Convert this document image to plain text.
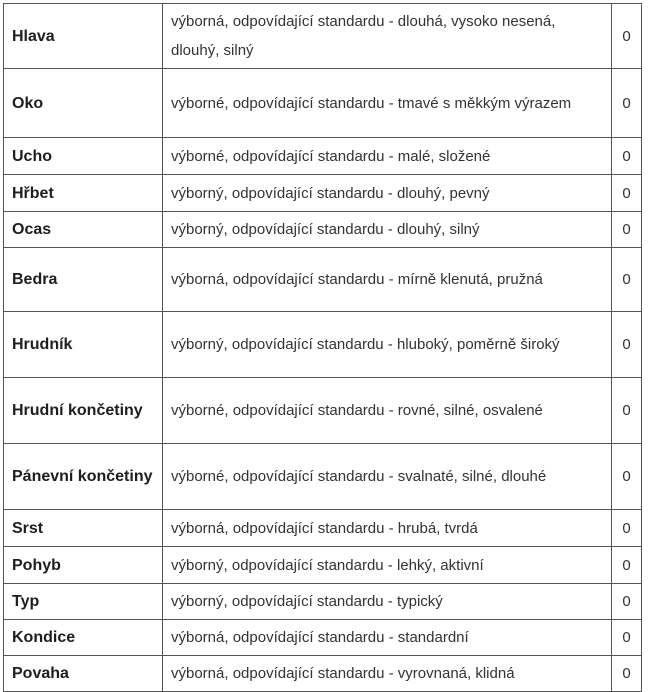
Hlava	výborná, odpovídající standardu - dlouhá, vysoko nesená, dlouhý, silný	0
Oko	výborné, odpovídající standardu - tmavé s měkkým výrazem	0
Ucho	výborné, odpovídající standardu - malé, složené	0
Hřbet	výborný, odpovídající standardu - dlouhý, pevný	0
Ocas	výborný, odpovídající standardu - dlouhý, silný	0
Bedra	výborná, odpovídající standardu - mírně klenutá, pružná	0
Hrudník	výborný, odpovídající standardu - hluboký, poměrně široký	0
Hrudní končetiny	výborné, odpovídající standardu - rovné, silné, osvalené	0
Pánevní končetiny	výborné, odpovídající standardu - svalnaté, silné, dlouhé	0
Srst	výborná, odpovídající standardu - hrubá, tvrdá	0
Pohyb	výborný, odpovídající standardu - lehký, aktivní	0
Typ	výborný, odpovídající standardu - typický	0
Kondice	výborná, odpovídající standardu - standardní	0
Povaha	výborná, odpovídající standardu - vyrovnaná, klidná	0
